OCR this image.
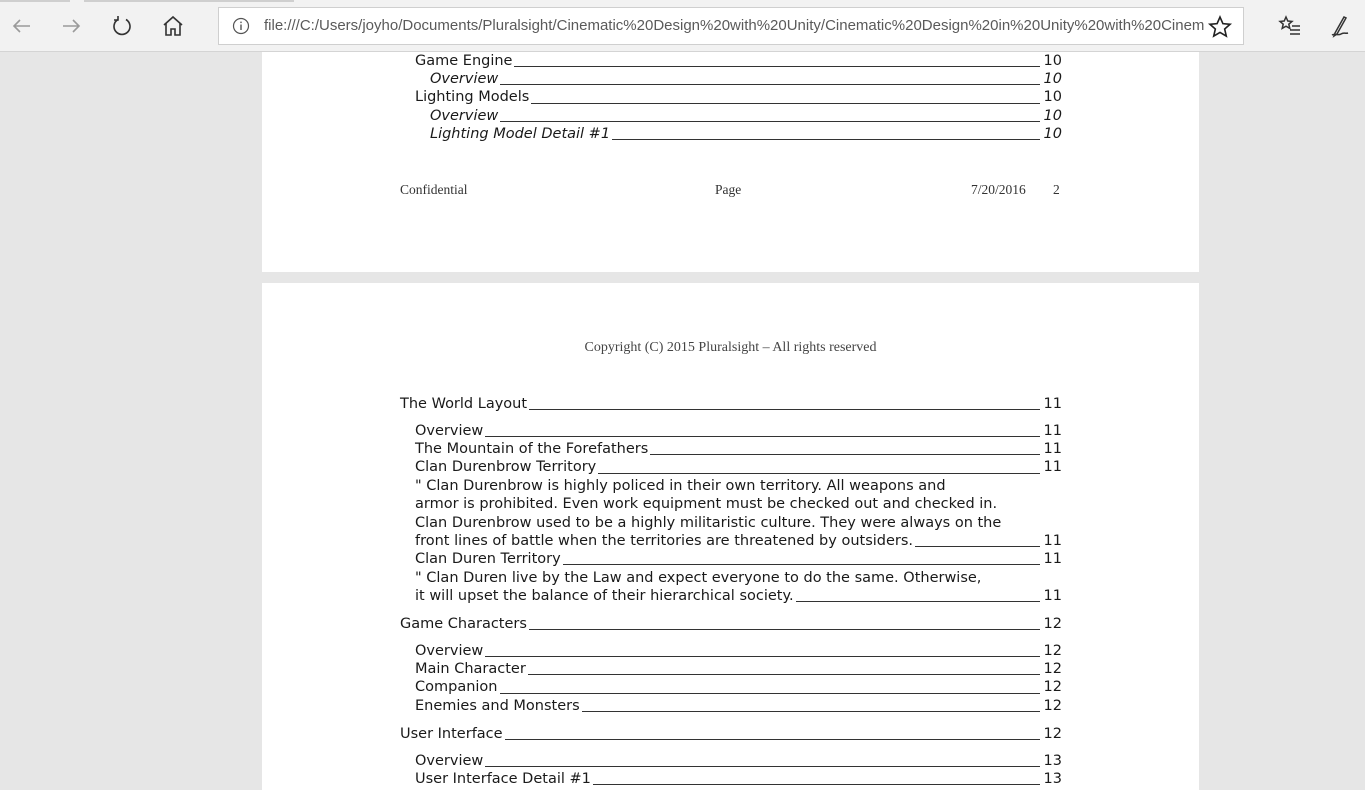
file:///C:/Users/joyho/Documents/Pluralsight/Cinematic%20Design%20with%20Unity/Cinematic%20Design%20in%20Unity%20with%20Cinem
Game Engine	10
Overview	10
Lighting Models	10
Overview	10
Lighting Model Detail #1	10
Confidential	Page	7/20/2016 2
Copyright (C) 2015 Pluralsight – All rights reserved
The World Layout	11
Overview	11
The Mountain of the Forefathers	11
Clan Durenbrow Territory	11
" Clan Durenbrow is highly policed in their own territory. All weapons and
armor is prohibited. Even work equipment must be checked out and checked in.
Clan Durenbrow used to be a highly militaristic culture. They were always on the
front lines of battle when the territories are threatened by outsiders.	11
Clan Duren Territory	11
" Clan Duren live by the Law and expect everyone to do the same. Otherwise,
it will upset the balance of their hierarchical society.	11
Game Characters	12
Overview	12
Main Character	12
Companion	12
Enemies and Monsters	12
User Interface	12
Overview	13
User Interface Detail #1	13
